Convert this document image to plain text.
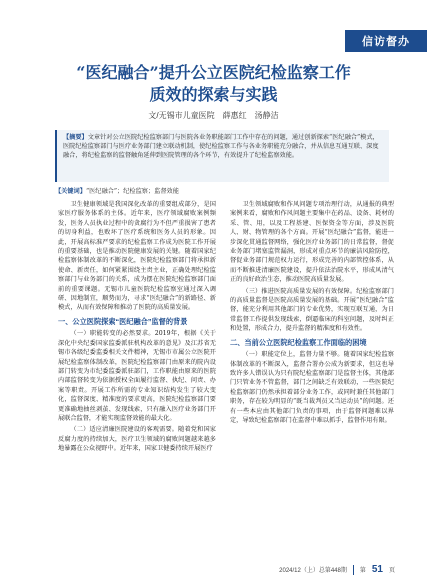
信访督办
“医纪融合”提升公立医院纪检监察工作
质效的探索与实践
文/无锡市儿童医院　薛惠红　汤静洁
【摘要】文章针对公立医院纪检监察部门与医院各业务职能部门工作中存在的问题，通过创新探索“医纪融合”模式，医院纪检监察部门与医疗业务部门建立联动机制，使纪检监察工作与各业务职能充分融合，并从信息互通互联、深度融合，将纪检监察的监督触角延伸到医院管理的各个环节，有效提升了纪检监察效能。
【关键词】“医纪融合”；纪检监察；监督效能

卫生健康领域是我国深化改革的重要组成部分，是国家医疗服务体系的主体。近年来，医疗领域腐败案例频发，医务人员执业过程中的贪腐行为不但严重损害了患者的切身利益，也败坏了医疗系统和医务人员的形象。因此，开展高标准严要求的纪检监察工作成为医院工作开展的重要基础，也是推动医院健康发展的关键。随着国家纪检监察体制改革的不断深化，医院纪检监察部门将承担新使命、新责任，如何紧紧围绕主责主业，正确处理纪检监察部门与业务部门的关系，成为摆在医院纪检监察部门面前的重要课题。无锡市儿童医院纪检监察室通过深入调研、因地制宜，顺势而为，寻求“医纪融合”的新路径、新模式，从而有效保障和推动了医院的高质量发展。

一、公立医院探索“医纪融合”监督的背景

（一）职能转变的必然要求。2019年，根据《关于深化中央纪委国家监委派驻机构改革的意见》及江苏省无锡市各级纪委监委相关文件精神，无锡市市属公立医院开展纪检监察体制改革，医院纪检监察部门由原来的院内设部门转变为市纪委监委派驻部门，工作职能由原来的医院内部监督转变为依据授权全面履行监督、执纪、问责、办案等职责。开展工作所需的专业知识结构发生了较大变化，监督深度、精准度的要求更高，医院纪检监察部门要更准确地抽丝剥茧、发现线索，只有融入医疗业务部门开展联合监督，才能实现监督效能的最大化。

（二）适应清廉医院建设的客观需要。随着党和国家反腐力度的持续加大，医疗卫生领域的腐败问题越来越多地暴露在公众视野中。近年来，国家卫健委持续开展医疗

卫生领域腐败和作风问题专项治理行动，从通报的典型案例来看，腐败和作风问题主要集中在药品、设备、耗材的采、管、用，以及工程基建、医保资金等方面，涉及医院人、财、物管理的各个方面。开展“医纪融合”监督，能进一步深化贯通监督网络，强化医疗业务部门的日常监督，督促业务部门堵塞监管漏洞，形成对重点环节的廉洁风险防控，督促业务部门规范权力运行，形成完善的内部管控体系，从而不断推进清廉医院建设，提升依法治院水平，形成风清气正的良好政治生态，推动医院高质量发展。

（三）推进医院高质量发展的有效保障。纪检监察部门的高质量监督是医院高质量发展的基础。开展“医纪融合”监督，能充分利用其他部门的专业优势，实现互联互通，为日常监督工作提供发现线索，倒逼临床的科室问题，及时纠正和处置，形成合力，提升监督的精准度和有效性。

二、当前公立医院纪检监察工作面临的困境

（一）职能定位上，监督力量不够。随着国家纪检监察体制改革的不断深入，监督合署办公成为新要求，但这也导致许多人错误认为只有院纪检监察部门是监督主体，其他部门只管业务不管监督，部门之间缺乏有效联动，一些医院纪检监察部门仍然承担着部分业务工作，或同时兼任其他部门职务，存在较为明显的“既当裁判员又当运动员”的问题。还有一些本应由其他部门负责的事项，由于监督问题难以界定，导致纪检监察部门在监督中难以抓手，监督作用有限。

2024/12（上）总第448期 第 51 页
